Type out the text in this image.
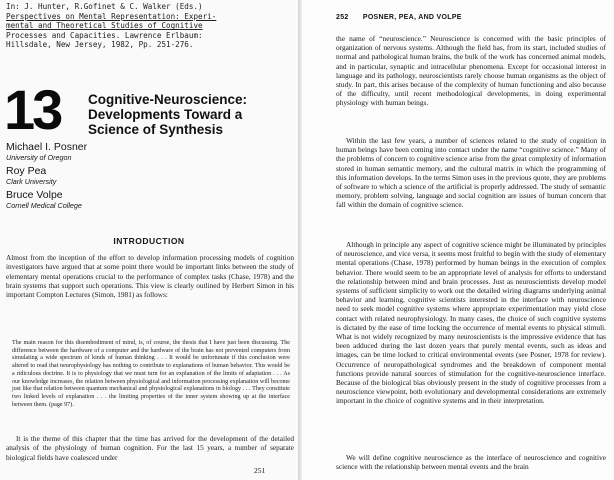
In: J. Hunter, R.Gofinet & C. Walker (Eds.)
Perspectives on Mental Representation: Experi-
mental and Theoretical Studies of Cognitive
Processes and Capacities. Lawrence Erlbaum:
Hillsdale, New Jersey, 1982, Pp. 251-276.
13 Cognitive-Neuroscience:
Developments Toward a
Science of Synthesis
Michael I. Posner
University of Oregon
Roy Pea
Clark University
Bruce Volpe
Cornell Medical College
INTRODUCTION
Almost from the inception of the effort to develop information processing models of cognition investigators have argued that at some point there would be important links between the study of elementary mental operations crucial to the performance of complex tasks (Chase, 1978) and the brain systems that support such operations. This view is clearly outlined by Herbert Simon in his important Compton Lectures (Simon, 1981) as follows:
The main reason for this disembodiment of mind, is, of course, the thesis that I have just been discussing. The difference between the hardware of a computer and the hardware of the brain has not prevented computers from simulating a wide spectrum of kinds of human thinking . . . It would be unfortunate if this conclusion were altered to read that neurophysiology has nothing to contribute to explanations of human behavior. This would be a ridiculous doctrine. It is to physiology that we must turn for an explanation of the limits of adaptation . . . As our knowledge increases, the relation between physiological and information processing explanation will become just like that relation between quantum mechanical and physiological explanations in biology . . . They constitute two linked levels of explanation . . . the limiting properties of the inner system showing up at the interface between them. (page 97).
It is the theme of this chapter that the time has arrived for the development of the detailed analysis of the physiology of human cognition. For the last 15 years, a number of separate biological fields have coalesced under
251
252 POSNER, PEA, AND VOLPE
the name of “neuroscience.” Neuroscience is concerned with the basic principles of organization of nervous systems. Although the field has, from its start, included studies of normal and pathological human brains, the bulk of the work has concerned animal models, and in particular, synaptic and intracellular phenomena. Except for occasional interest in language and its pathology, neuroscientists rarely choose human organisms as the object of study. In part, this arises because of the complexity of human functioning and also because of the difficulty, until recent methodological developments, in doing experimental physiology with human beings.
Within the last few years, a number of sciences related to the study of cognition in human beings have been coming into contact under the name “cognitive science.” Many of the problems of concern to cognitive science arise from the great complexity of information stored in human semantic memory, and the cultural matrix in which the programming of this information develops. In the terms Simon uses in the previous quote, they are problems of software to which a science of the artificial is properly addressed. The study of semantic memory, problem solving, language and social cognition are issues of human concern that fall within the domain of cognitive science.
Although in principle any aspect of cognitive science might be illuminated by principles of neuroscience, and vice versa, it seems most fruitful to begin with the study of elementary mental operations (Chase, 1978) performed by human beings in the execution of complex behavior. There would seem to be an appropriate level of analysis for efforts to understand the relationship between mind and brain processes. Just as neuroscientists develop model systems of sufficient simplicity to work out the detailed wiring diagrams underlying animal behavior and learning, cognitive scientists interested in the interface with neuroscience need to seek model cognitive systems where appropriate experimentation may yield close contact with related neurophysiology. In many cases, the choice of such cognitive systems is dictated by the ease of time locking the occurrence of mental events to physical stimuli. What is not widely recognized by many neuroscientists is the impressive evidence that has been adduced during the last dozen years that purely mental events, such as ideas and images, can be time locked to critical environmental events (see Posner, 1978 for review). Occurrence of neuropathological syndromes and the breakdown of component mental functions provide natural sources of stimulation for the cognitive-neuroscience interface. Because of the biological bias obviously present in the study of cognitive processes from a neuroscience viewpoint, both evolutionary and developmental considerations are extremely important in the choice of cognitive systems and in their interpretation.
We will define cognitive neuroscience as the interface of neuroscience and cognitive science with the relationship between mental events and the brain
